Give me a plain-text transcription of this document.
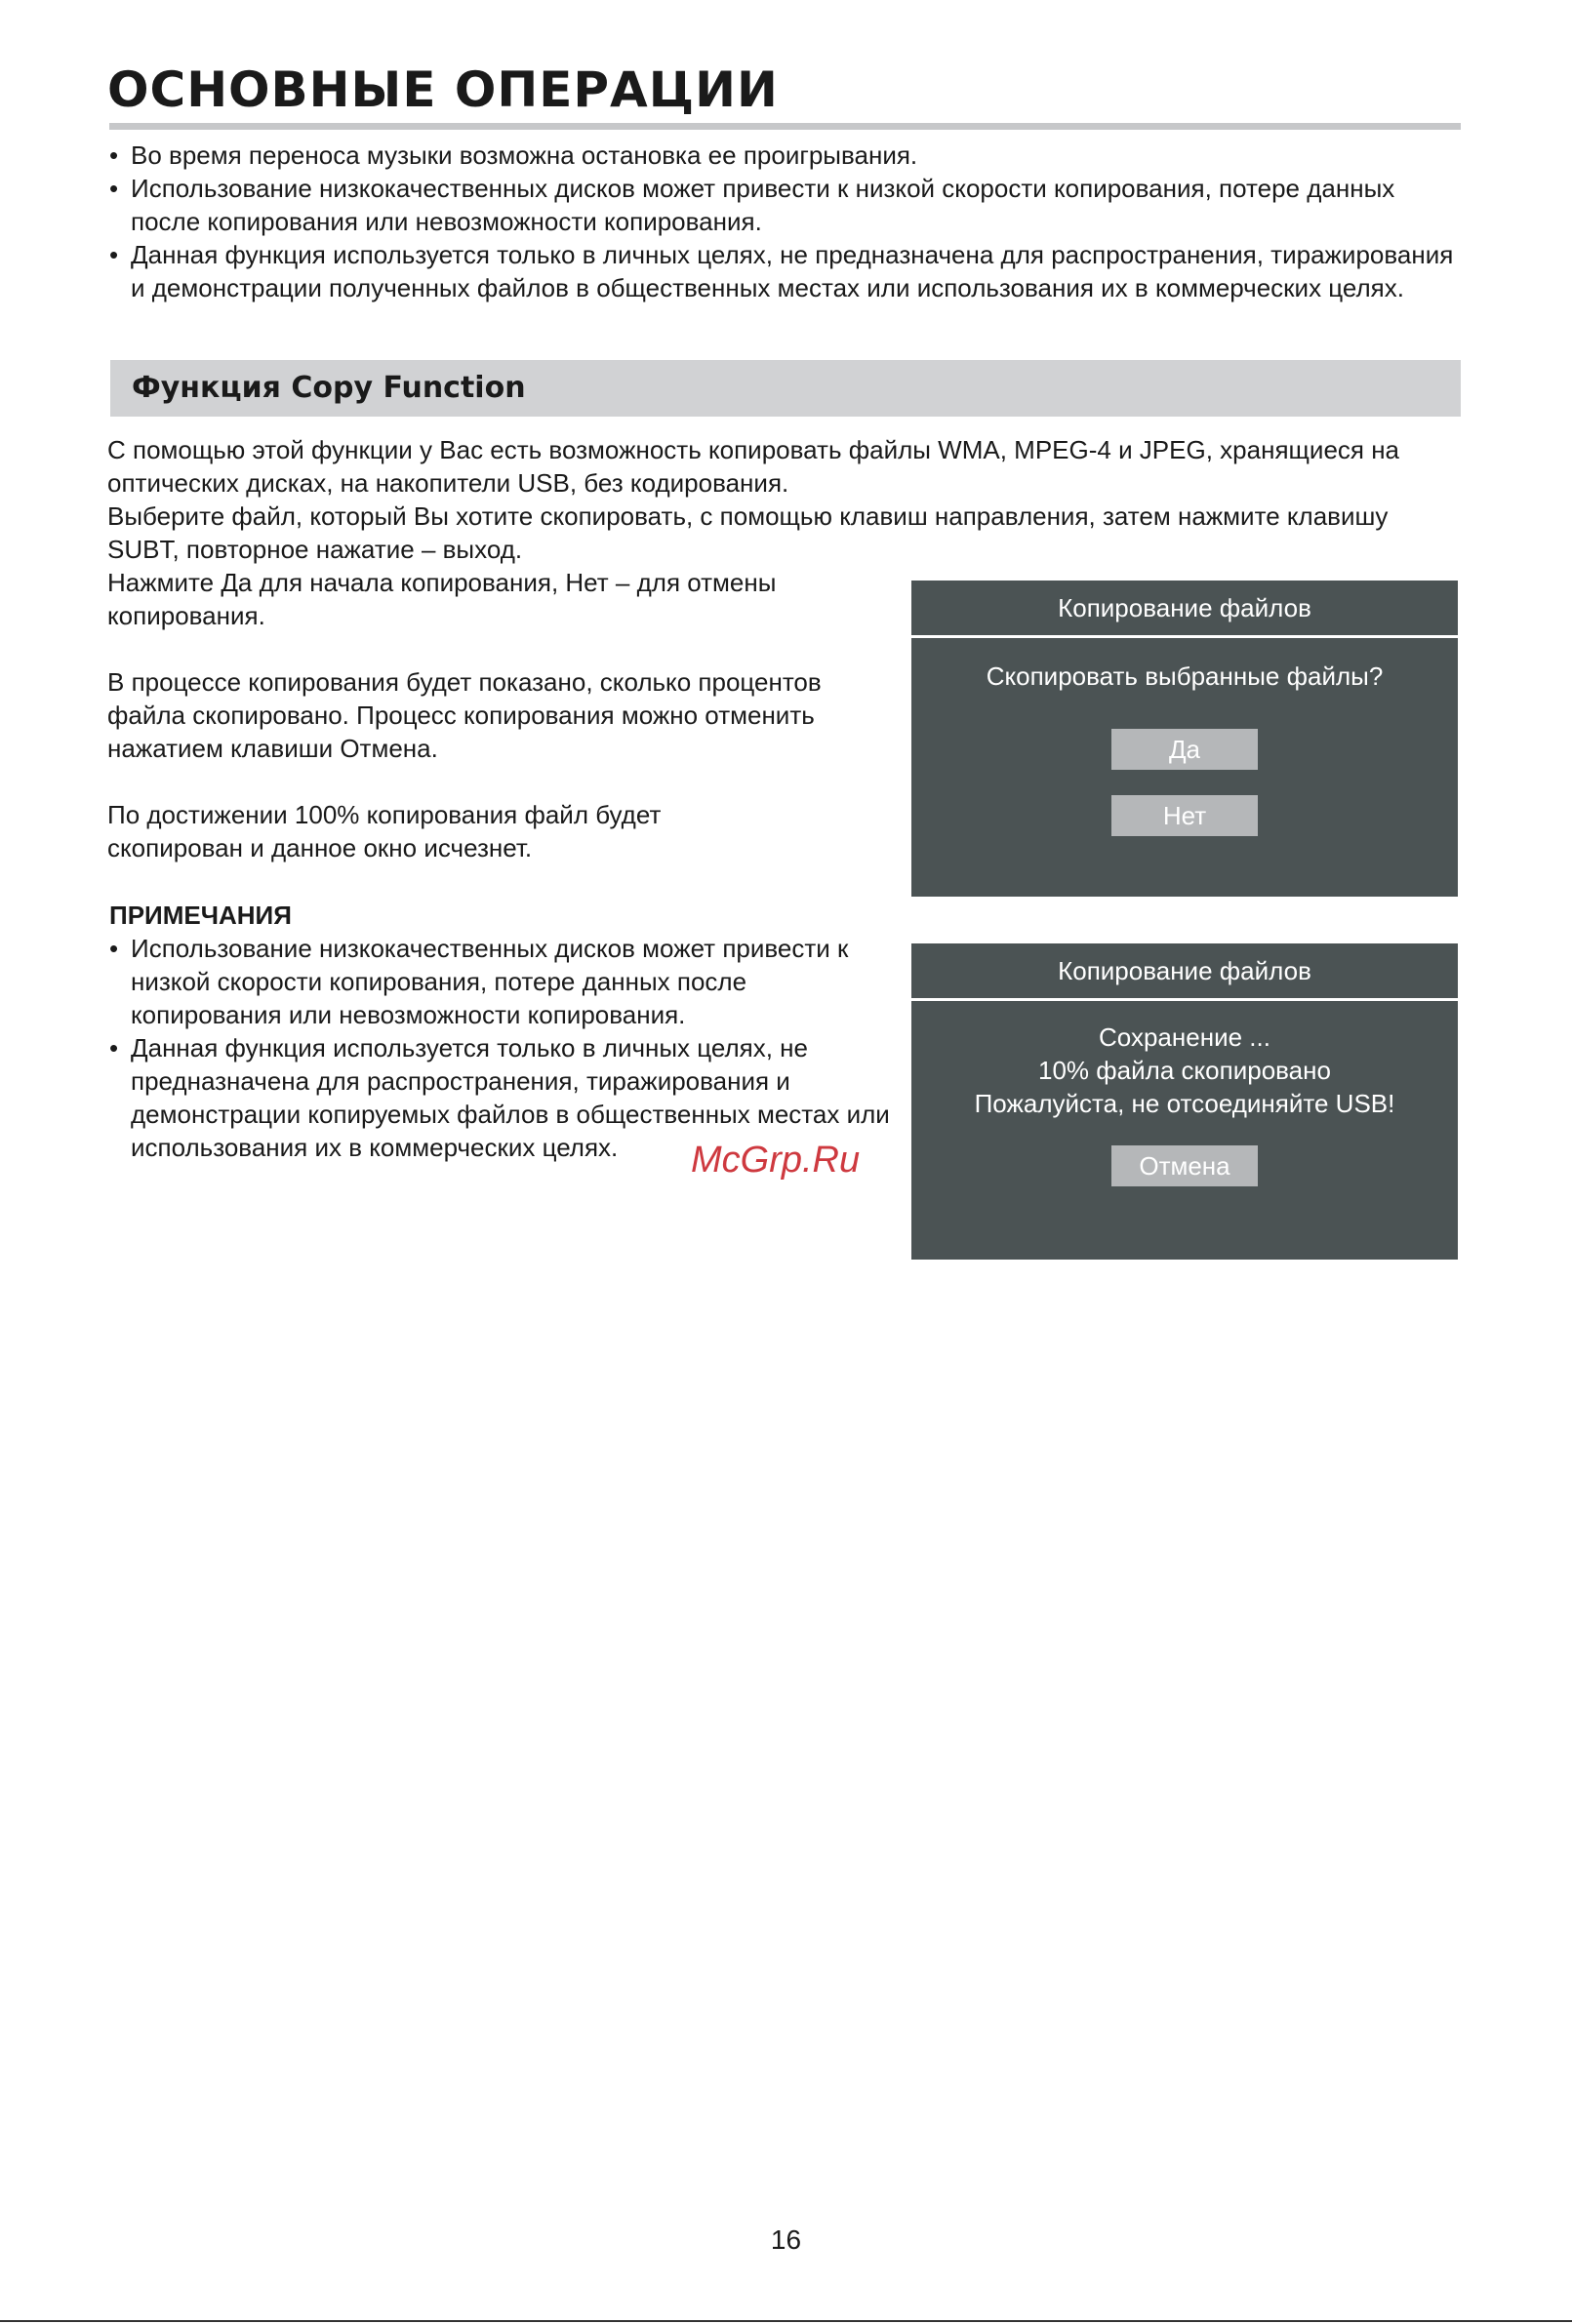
ОСНОВНЫЕ ОПЕРАЦИИ
• Во время переноса музыки возможна остановка ее проигрывания.
• Использование низкокачественных дисков может привести к низкой скорости копирования, потере данных после копирования или невозможности копирования.
• Данная функция используется только в личных целях, не предназначена для распространения, тиражирования и демонстрации полученных файлов в общественных местах или использования их в коммерческих целях.
Функция Copy Function

С помощью этой функции у Вас есть возможность копировать файлы WMA, MPEG-4 и JPEG, хранящиеся на оптических дисках, на накопители USB, без кодирования.

Выберите файл, который Вы хотите скопировать, с помощью клавиш направления, затем нажмите клавишу SUBT, повторное нажатие – выход.

Нажмите Да для начала копирования, Нет – для отмены копирования.

В процессе копирования будет показано, сколько процентов файла скопировано. Процесс копирования можно отменить нажатием клавиши Отмена.

По достижении 100% копирования файл будет скопирован и данное окно исчезнет.

ПРИМЕЧАНИЯ
• Использование низкокачественных дисков может привести к низкой скорости копирования, потере данных после копирования или невозможности копирования.
• Данная функция используется только в личных целях, не предназначена для распространения, тиражирования и демонстрации копируемых файлов в общественных местах или использования их в коммерческих целях.
Копирование файлов
Скопировать выбранные файлы?
Да
Нет
Копирование файлов
Сохранение ...
10% файла скопировано
Пожалуйста, не отсоединяйте USB!
Отмена
McGrp.Ru
16
